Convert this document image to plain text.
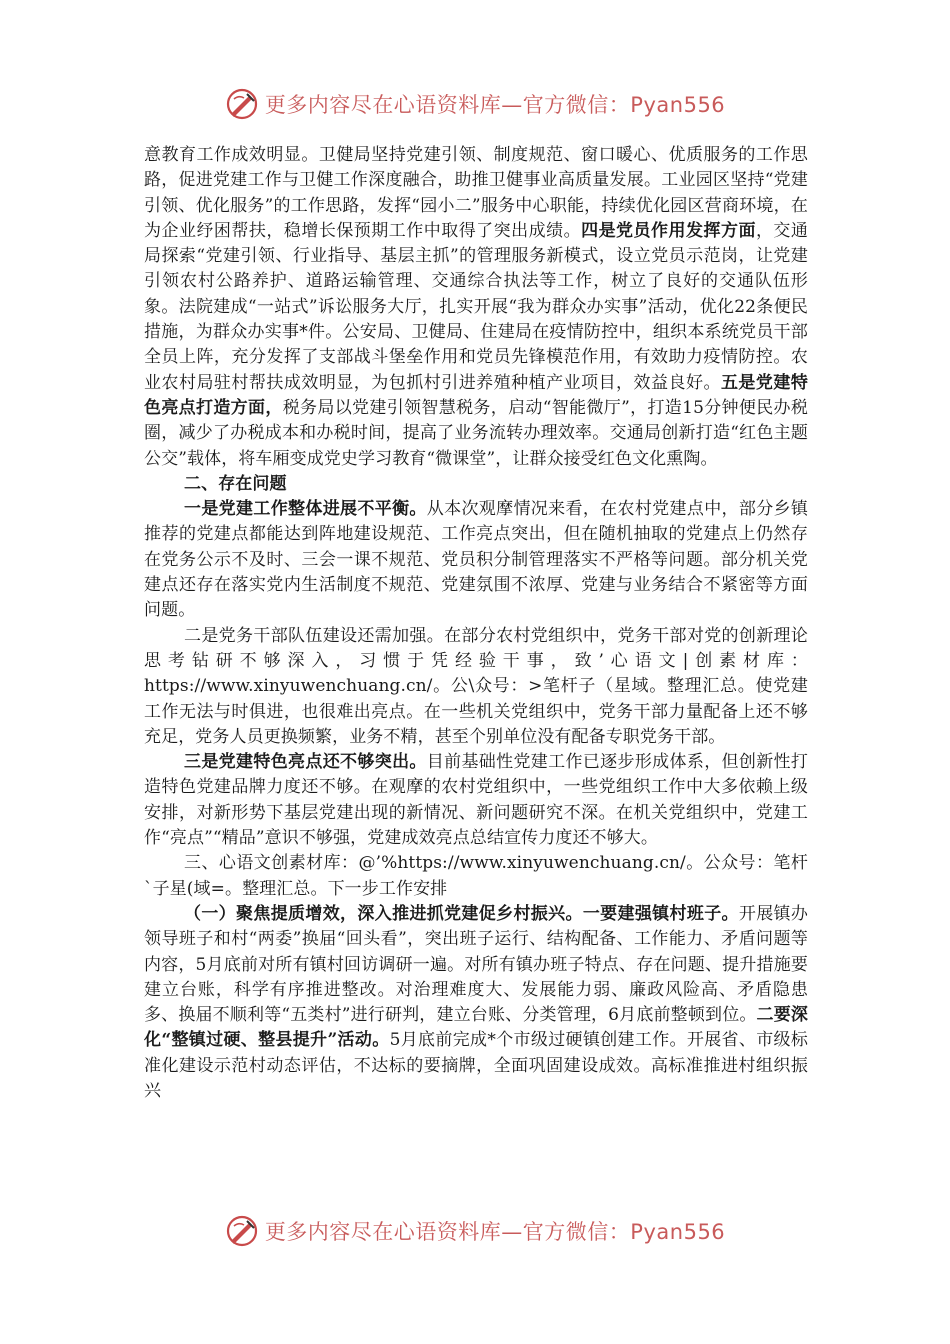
更多内容尽在心语资料库—官方微信：Pyan556

意教育工作成效明显。卫健局坚持党建引领、制度规范、窗口暖心、优质服务的工作思路，促进党建工作与卫健工作深度融合，助推卫健事业高质量发展。工业园区坚持“党建引领、优化服务”的工作思路，发挥“园小二”服务中心职能，持续优化园区营商环境，在为企业纾困帮扶，稳增长保预期工作中取得了突出成绩。四是党员作用发挥方面，交通局探索“党建引领、行业指导、基层主抓”的管理服务新模式，设立党员示范岗，让党建引领农村公路养护、道路运输管理、交通综合执法等工作，树立了良好的交通队伍形象。法院建成“一站式”诉讼服务大厅，扎实开展“我为群众办实事”活动，优化22条便民措施，为群众办实事*件。公安局、卫健局、住建局在疫情防控中，组织本系统党员干部全员上阵，充分发挥了支部战斗堡垒作用和党员先锋模范作用，有效助力疫情防控。农业农村局驻村帮扶成效明显，为包抓村引进养殖种植产业项目，效益良好。五是党建特色亮点打造方面，税务局以党建引领智慧税务，启动“智能微厅”，打造15分钟便民办税圈，减少了办税成本和办税时间，提高了业务流转办理效率。交通局创新打造“红色主题公交”载体，将车厢变成党史学习教育“微课堂”，让群众接受红色文化熏陶。

二、存在问题

一是党建工作整体进展不平衡。从本次观摩情况来看，在农村党建点中，部分乡镇推荐的党建点都能达到阵地建设规范、工作亮点突出，但在随机抽取的党建点上仍然存在党务公示不及时、三会一课不规范、党员积分制管理落实不严格等问题。部分机关党建点还存在落实党内生活制度不规范、党建氛围不浓厚、党建与业务结合不紧密等方面问题。

二是党务干部队伍建设还需加强。在部分农村党组织中，党务干部对党的创新理论思考钻研不够深入，习惯于凭经验干事，致’心语文|创素材库：https://www.xinyuwenchuang.cn/。公\众号：>笔杆子（星域。整理汇总。使党建工作无法与时俱进，也很难出亮点。在一些机关党组织中，党务干部力量配备上还不够充足，党务人员更换频繁，业务不精，甚至个别单位没有配备专职党务干部。

三是党建特色亮点还不够突出。目前基础性党建工作已逐步形成体系，但创新性打造特色党建品牌力度还不够。在观摩的农村党组织中，一些党组织工作中大多依赖上级安排，对新形势下基层党建出现的新情况、新问题研究不深。在机关党组织中，党建工作“亮点”“精品”意识不够强，党建成效亮点总结宣传力度还不够大。

三、心语文创素材库：@’%https://www.xinyuwenchuang.cn/。公众号：笔杆`子星(域=。整理汇总。下一步工作安排

（一）聚焦提质增效，深入推进抓党建促乡村振兴。一要建强镇村班子。开展镇办领导班子和村“两委”换届“回头看”，突出班子运行、结构配备、工作能力、矛盾问题等内容，5月底前对所有镇村回访调研一遍。对所有镇办班子特点、存在问题、提升措施要建立台账，科学有序推进整改。对治理难度大、发展能力弱、廉政风险高、矛盾隐患多、换届不顺利等“五类村”进行研判，建立台账、分类管理，6月底前整顿到位。二要深化“整镇过硬、整县提升”活动。5月底前完成*个市级过硬镇创建工作。开展省、市级标准化建设示范村动态评估，不达标的要摘牌，全面巩固建设成效。高标准推进村组织振兴

更多内容尽在心语资料库—官方微信：Pyan556
